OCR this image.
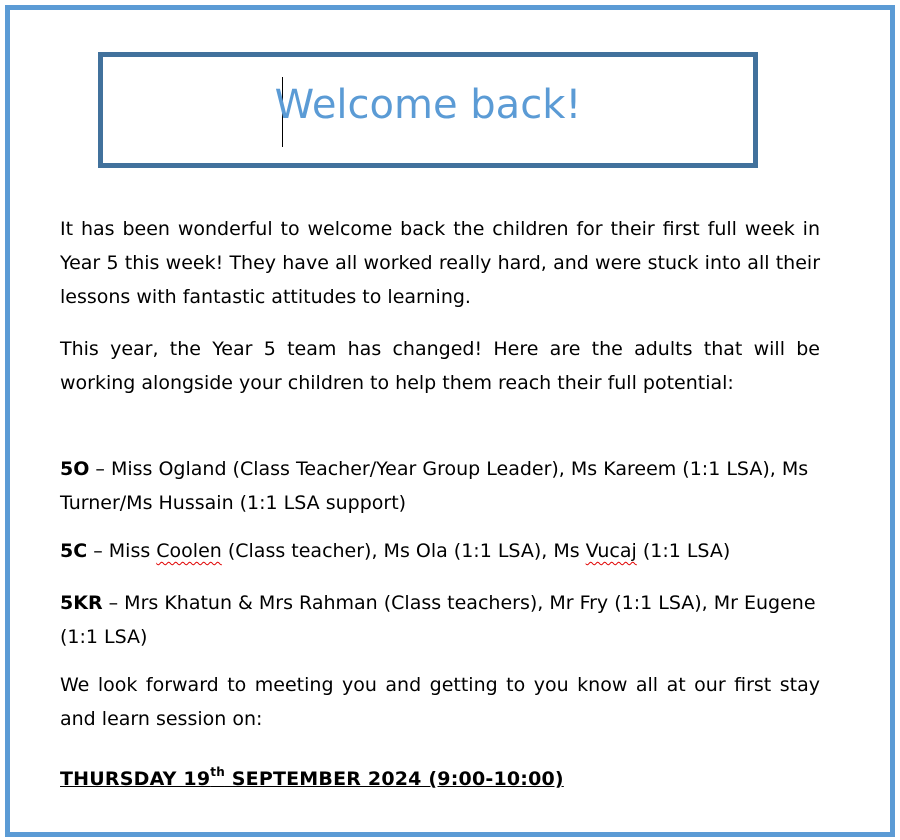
Welcome back!

It has been wonderful to welcome back the children for their first full week in Year 5 this week! They have all worked really hard, and were stuck into all their lessons with fantastic attitudes to learning.

This year, the Year 5 team has changed! Here are the adults that will be working alongside your children to help them reach their full potential:

5O – Miss Ogland (Class Teacher/Year Group Leader), Ms Kareem (1:1 LSA), Ms Turner/Ms Hussain (1:1 LSA support)

5C – Miss Coolen (Class teacher), Ms Ola (1:1 LSA), Ms Vucaj (1:1 LSA)

5KR – Mrs Khatun & Mrs Rahman (Class teachers), Mr Fry (1:1 LSA), Mr Eugene (1:1 LSA)

We look forward to meeting you and getting to you know all at our first stay and learn session on:

THURSDAY 19th SEPTEMBER 2024 (9:00-10:00)
